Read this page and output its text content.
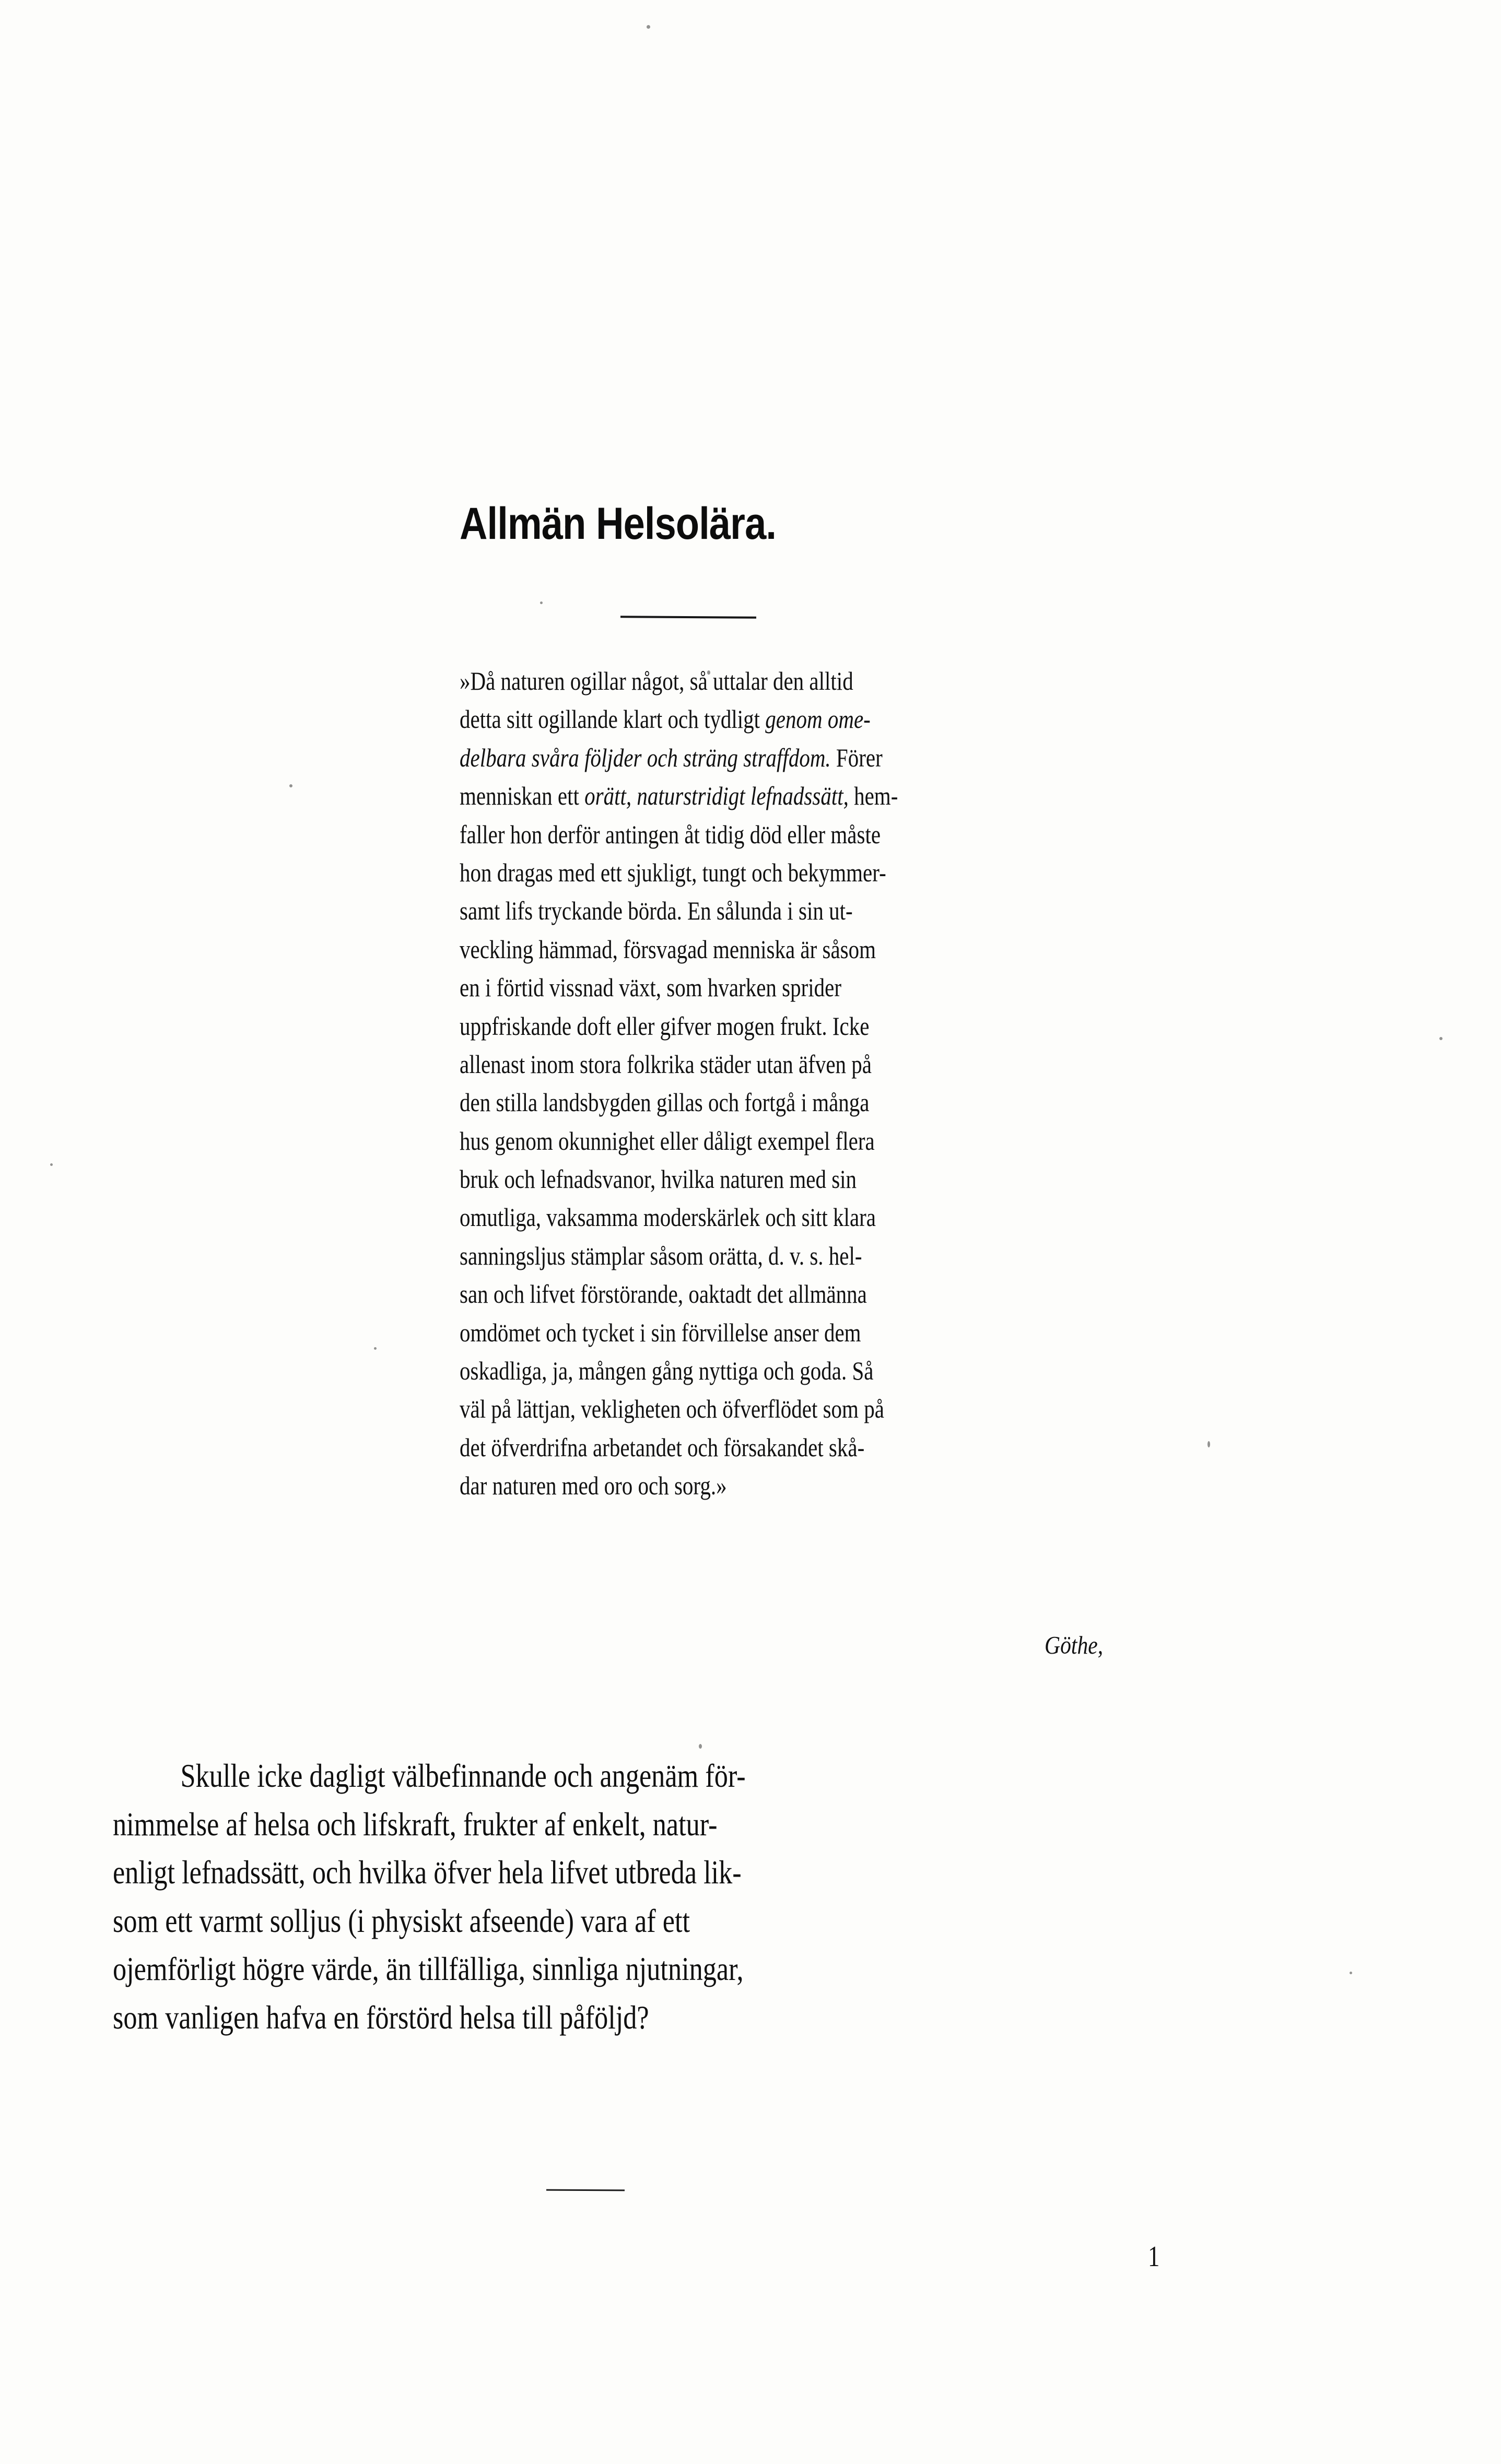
Allmän Helsolära.
»Då naturen ogillar något, så uttalar den alltid
detta sitt ogillande klart och tydligt genom ome-
delbara svåra följder och sträng straffdom. Förer
menniskan ett orätt, naturstridigt lefnadssätt, hem-
faller hon derför antingen åt tidig död eller måste
hon dragas med ett sjukligt, tungt och bekymmer-
samt lifs tryckande börda. En sålunda i sin ut-
veckling hämmad, försvagad menniska är såsom
en i förtid vissnad växt, som hvarken sprider
uppfriskande doft eller gifver mogen frukt. Icke
allenast inom stora folkrika städer utan äfven på
den stilla landsbygden gillas och fortgå i många
hus genom okunnighet eller dåligt exempel flera
bruk och lefnadsvanor, hvilka naturen med sin
omutliga, vaksamma moderskärlek och sitt klara
sanningsljus stämplar såsom orätta, d. v. s. hel-
san och lifvet förstörande, oaktadt det allmänna
omdömet och tycket i sin förvillelse anser dem
oskadliga, ja, mången gång nyttiga och goda. Så
väl på lättjan, vekligheten och öfverflödet som på
det öfverdrifna arbetandet och försakandet skå-
dar naturen med oro och sorg.»
Göthe,
Skulle icke dagligt välbefinnande och angenäm för-
nimmelse af helsa och lifskraft, frukter af enkelt, natur-
enligt lefnadssätt, och hvilka öfver hela lifvet utbreda lik-
som ett varmt solljus (i physiskt afseende) vara af ett
ojemförligt högre värde, än tillfälliga, sinnliga njutningar,
som vanligen hafva en förstörd helsa till påföljd?
1
